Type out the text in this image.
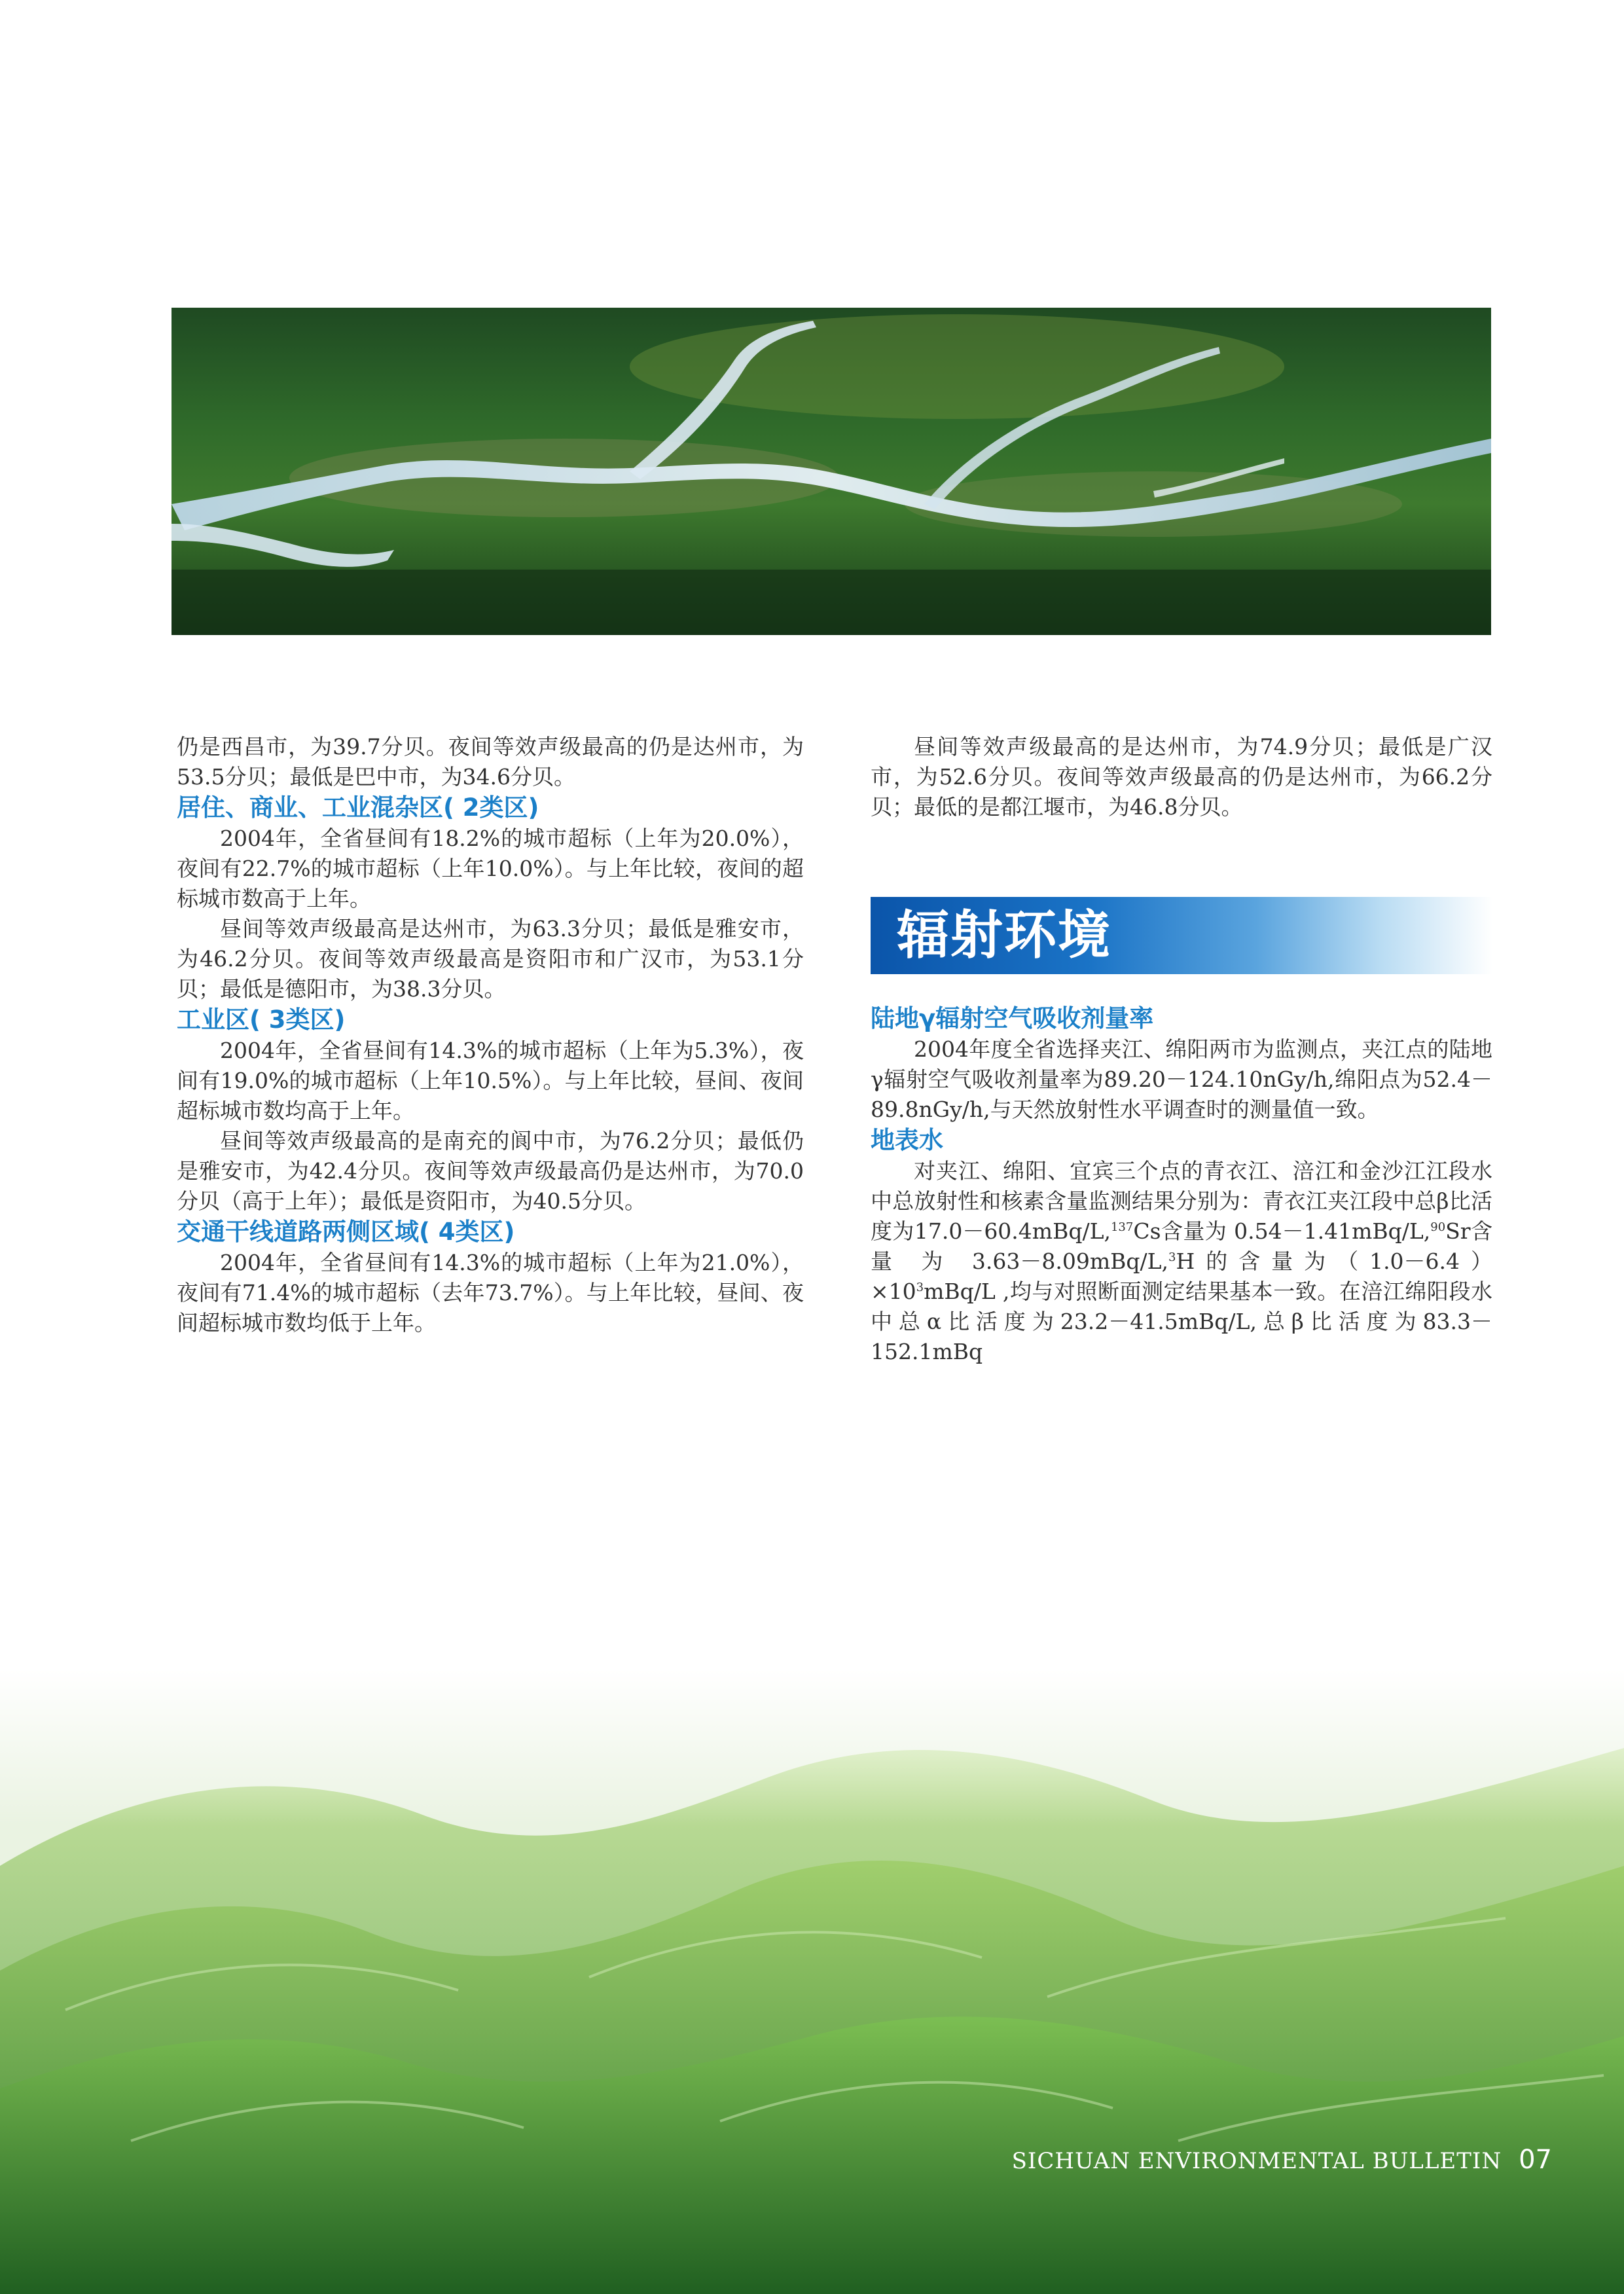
仍是西昌市，为39.7分贝。夜间等效声级最高的仍是达州市，为53.5分贝；最低是巴中市，为34.6分贝。

居住、商业、工业混杂区( 2类区)

2004年，全省昼间有18.2%的城市超标（上年为20.0%），夜间有22.7%的城市超标（上年10.0%）。与上年比较，夜间的超标城市数高于上年。

昼间等效声级最高是达州市，为63.3分贝；最低是雅安市，为46.2分贝。夜间等效声级最高是资阳市和广汉市，为53.1分贝；最低是德阳市，为38.3分贝。

工业区( 3类区)

2004年，全省昼间有14.3%的城市超标（上年为5.3%），夜间有19.0%的城市超标（上年10.5%）。与上年比较，昼间、夜间超标城市数均高于上年。

昼间等效声级最高的是南充的阆中市，为76.2分贝；最低仍是雅安市，为42.4分贝。夜间等效声级最高仍是达州市，为70.0分贝（高于上年）；最低是资阳市，为40.5分贝。

交通干线道路两侧区域( 4类区)

2004年，全省昼间有14.3%的城市超标（上年为21.0%），夜间有71.4%的城市超标（去年73.7%）。与上年比较，昼间、夜间超标城市数均低于上年。

昼间等效声级最高的是达州市，为74.9分贝；最低是广汉市，为52.6分贝。夜间等效声级最高的仍是达州市，为66.2分贝；最低的是都江堰市，为46.8分贝。

辐射环境
陆地γ辐射空气吸收剂量率

2004年度全省选择夹江、绵阳两市为监测点，夹江点的陆地γ辐射空气吸收剂量率为89.20－124.10nGy/h,绵阳点为52.4－89.8nGy/h,与天然放射性水平调查时的测量值一致。

地表水

对夹江、绵阳、宜宾三个点的青衣江、涪江和金沙江江段水中总放射性和核素含量监测结果分别为：青衣江夹江段中总β比活度为17.0－60.4mBq/L,$^{137}$Cs含量为 0.54－1.41mBq/L,$^{90}$Sr含 量 为 3.63－8.09mBq/L,$^3$H的含量为$(1.0-6.4)\times 10^3mBq/L$ ,均与对照断面测定结果基本一致。在涪江绵阳段水中总α比活度为23.2－41.5mBq/L,总β比活度为83.3－152.1mBq

SICHUAN ENVIRONMENTAL BULLETIN 07
